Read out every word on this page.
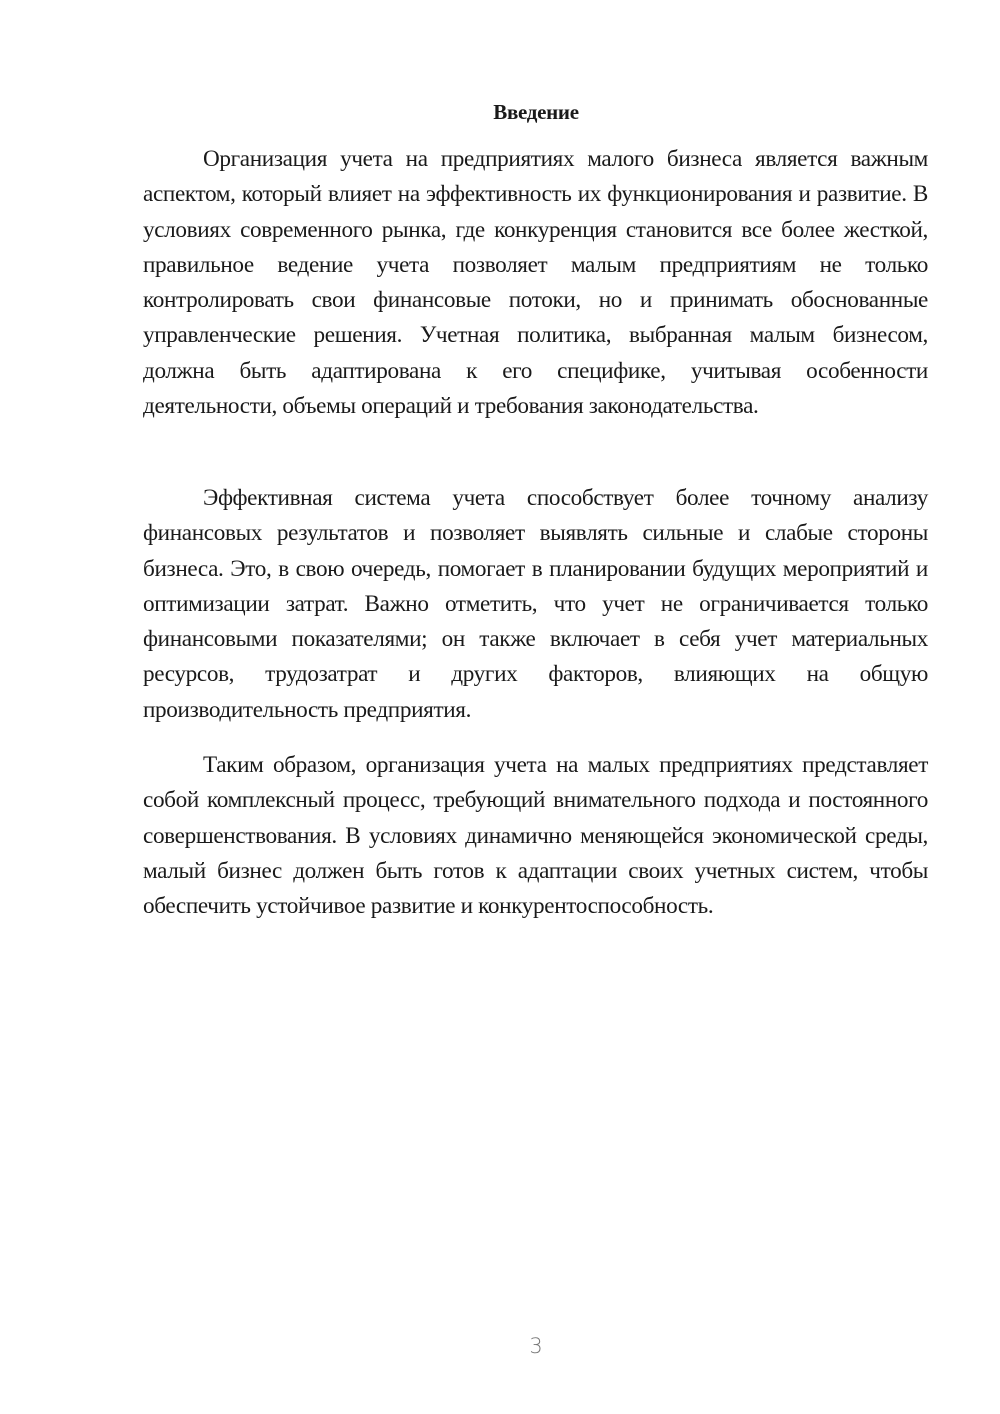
Введение

Организация учета на предприятиях малого бизнеса является важным аспектом, который влияет на эффективность их функционирования и развитие. В условиях современного рынка, где конкуренция становится все более жесткой, правильное ведение учета позволяет малым предприятиям не только контролировать свои финансовые потоки, но и принимать обоснованные управленческие решения. Учетная политика, выбранная малым бизнесом, должна быть адаптирована к его специфике, учитывая особенности деятельности, объемы операций и требования законодательства.

Эффективная система учета способствует более точному анализу финансовых результатов и позволяет выявлять сильные и слабые стороны бизнеса. Это, в свою очередь, помогает в планировании будущих мероприятий и оптимизации затрат. Важно отметить, что учет не ограничивается только финансовыми показателями; он также включает в себя учет материальных ресурсов, трудозатрат и других факторов, влияющих на общую производительность предприятия.

Таким образом, организация учета на малых предприятиях представляет собой комплексный процесс, требующий внимательного подхода и постоянного совершенствования. В условиях динамично меняющейся экономической среды, малый бизнес должен быть готов к адаптации своих учетных систем, чтобы обеспечить устойчивое развитие и конкурентоспособность.

3
